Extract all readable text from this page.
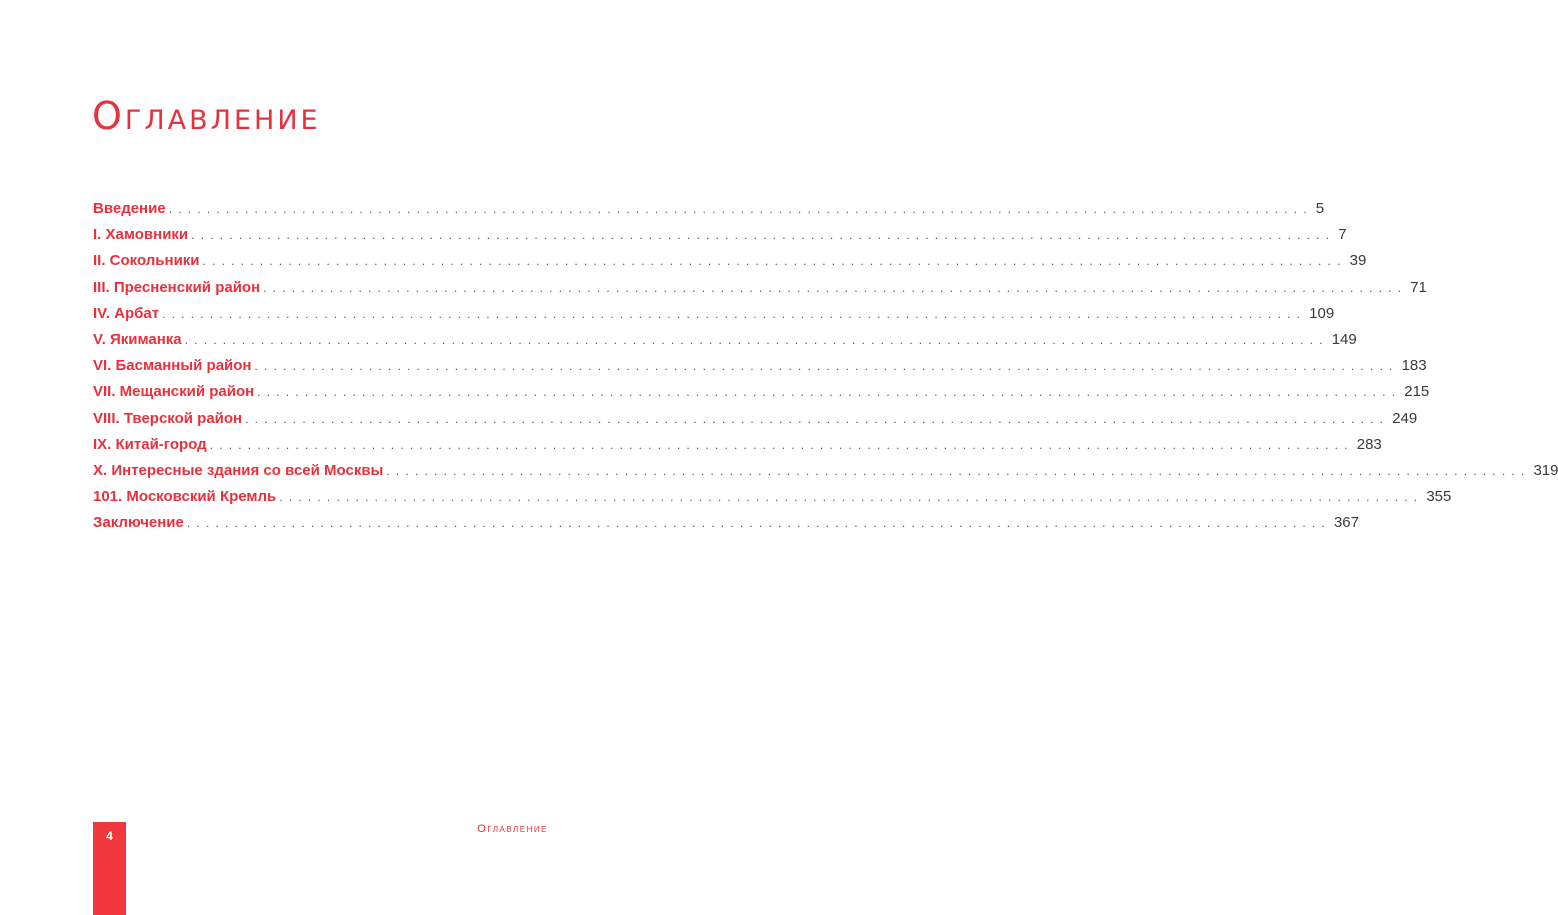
Оглавление
Введение ........................................................................................................................ 5
I. Хамовники ........................................................................................................................ 7
II. Сокольники ........................................................................................................................ 39
III. Пресненский район ........................................................................................................................ 71
IV. Арбат ........................................................................................................................ 109
V. Якиманка ........................................................................................................................ 149
VI. Басманный район ........................................................................................................................ 183
VII. Мещанский район ........................................................................................................................ 215
VIII. Тверской район ........................................................................................................................ 249
IX. Китай-город ........................................................................................................................ 283
X. Интересные здания со всей Москвы ........................................................................................................................ 319
101. Московский Кремль ........................................................................................................................ 355
Заключение ........................................................................................................................ 367
4	Оглавление
